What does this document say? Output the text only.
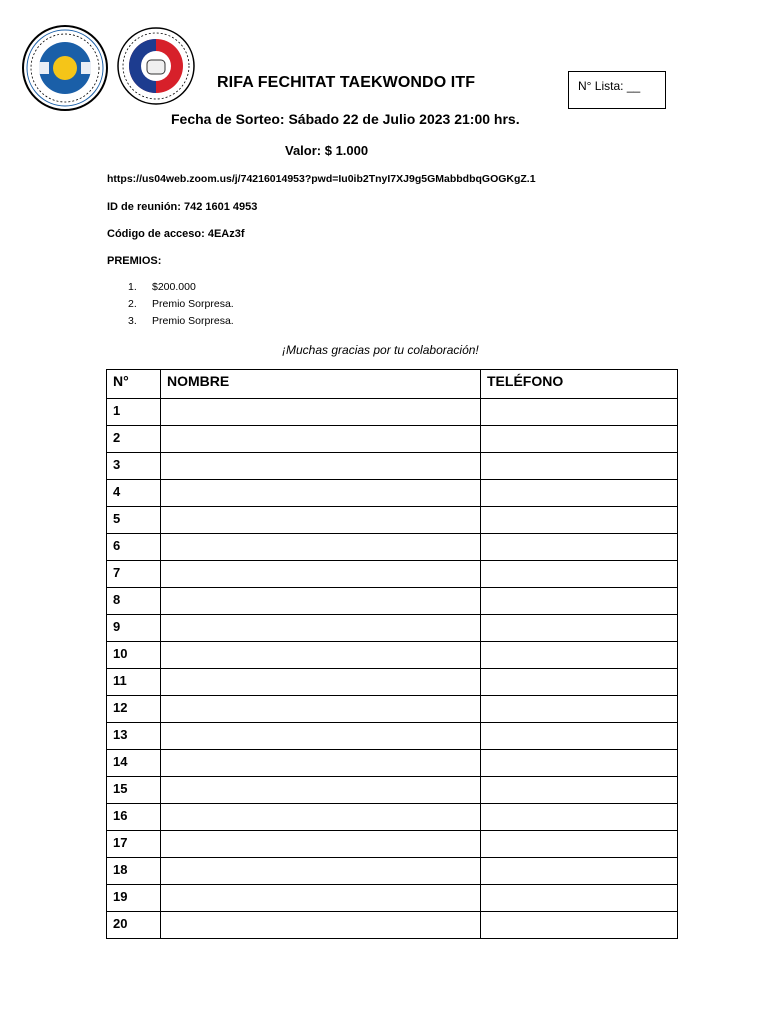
RIFA FECHITAT TAEKWONDO ITF	N° Lista: __
Fecha de Sorteo: Sábado 22 de Julio 2023 21:00 hrs.
Valor: $ 1.000
https://us04web.zoom.us/j/74216014953?pwd=Iu0ib2TnyI7XJ9g5GMabbdbqGOGKgZ.1
ID de reunión: 742 1601 4953
Código de acceso: 4EAz3f
PREMIOS:
1. $200.000
2. Premio Sorpresa.
3. Premio Sorpresa.
¡Muchas gracias por tu colaboración!
N°	NOMBRE	TELÉFONO
1		
2		
3		
4		
5		
6		
7		
8		
9		
10		
11		
12		
13		
14		
15		
16		
17		
18		
19		
20		
